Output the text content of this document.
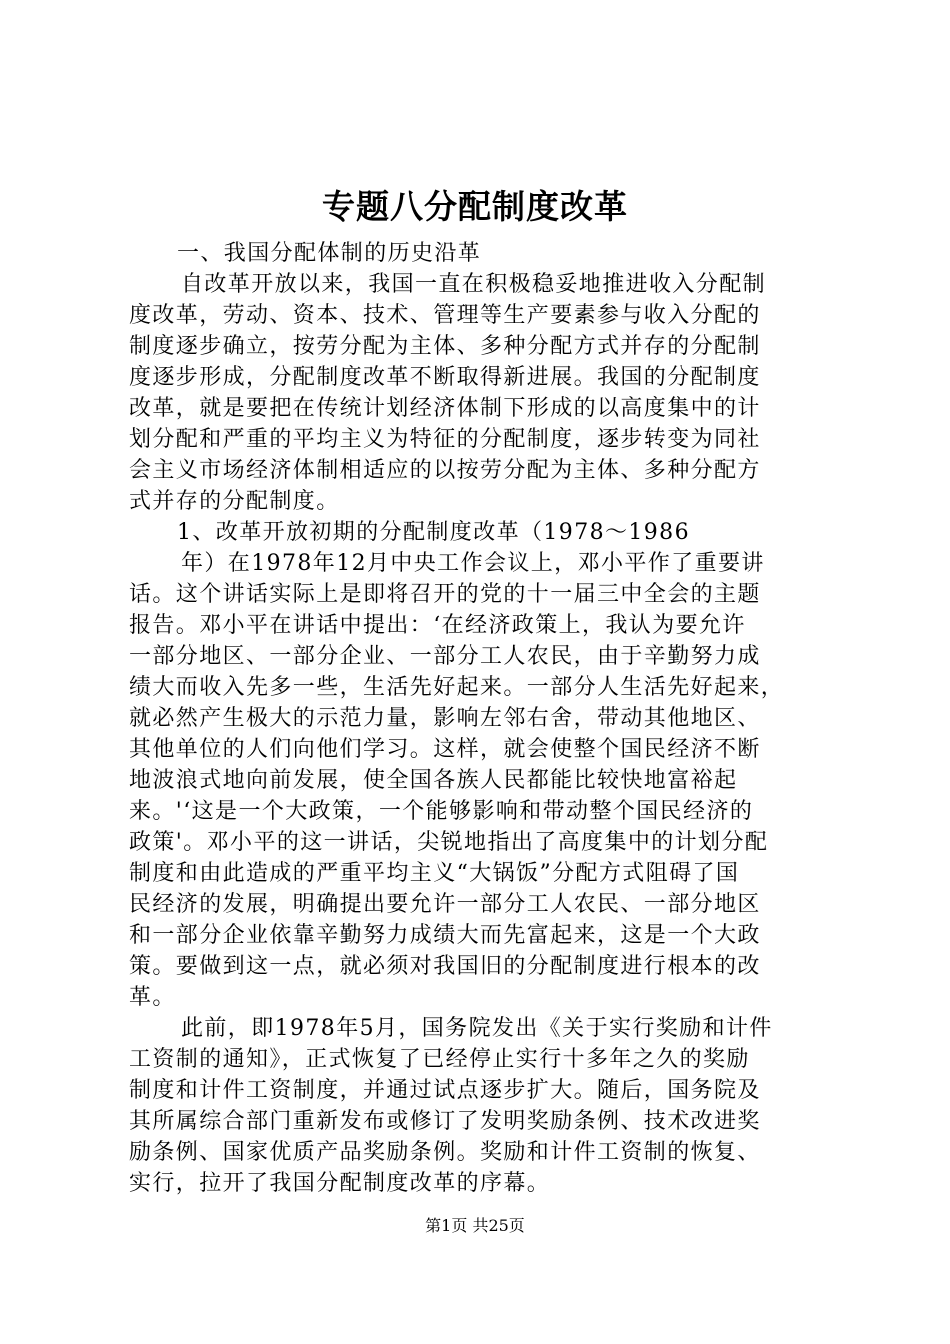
专题八分配制度改革
一、我国分配体制的历史沿革
自改革开放以来，我国一直在积极稳妥地推进收入分配制
度改革，劳动、资本、技术、管理等生产要素参与收入分配的
制度逐步确立，按劳分配为主体、多种分配方式并存的分配制
度逐步形成，分配制度改革不断取得新进展。我国的分配制度
改革，就是要把在传统计划经济体制下形成的以高度集中的计
划分配和严重的平均主义为特征的分配制度，逐步转变为同社
会主义市场经济体制相适应的以按劳分配为主体、多种分配方
式并存的分配制度。
1、改革开放初期的分配制度改革（1978～1986
年）在1978年12月中央工作会议上，邓小平作了重要讲
话。这个讲话实际上是即将召开的党的十一届三中全会的主题
报告。邓小平在讲话中提出：‘在经济政策上，我认为要允许
一部分地区、一部分企业、一部分工人农民，由于辛勤努力成
绩大而收入先多一些，生活先好起来。一部分人生活先好起来，
就必然产生极大的示范力量，影响左邻右舍，带动其他地区、
其他单位的人们向他们学习。这样，就会使整个国民经济不断
地波浪式地向前发展，使全国各族人民都能比较快地富裕起
来。'‘这是一个大政策，一个能够影响和带动整个国民经济的
政策'。邓小平的这一讲话，尖锐地指出了高度集中的计划分配
制度和由此造成的严重平均主义“大锅饭”分配方式阻碍了国
民经济的发展，明确提出要允许一部分工人农民、一部分地区
和一部分企业依靠辛勤努力成绩大而先富起来，这是一个大政
策。要做到这一点，就必须对我国旧的分配制度进行根本的改
革。
此前，即1978年5月，国务院发出《关于实行奖励和计件
工资制的通知》，正式恢复了已经停止实行十多年之久的奖励
制度和计件工资制度，并通过试点逐步扩大。随后，国务院及
其所属综合部门重新发布或修订了发明奖励条例、技术改进奖
励条例、国家优质产品奖励条例。奖励和计件工资制的恢复、
实行，拉开了我国分配制度改革的序幕。
第1页 共25页
